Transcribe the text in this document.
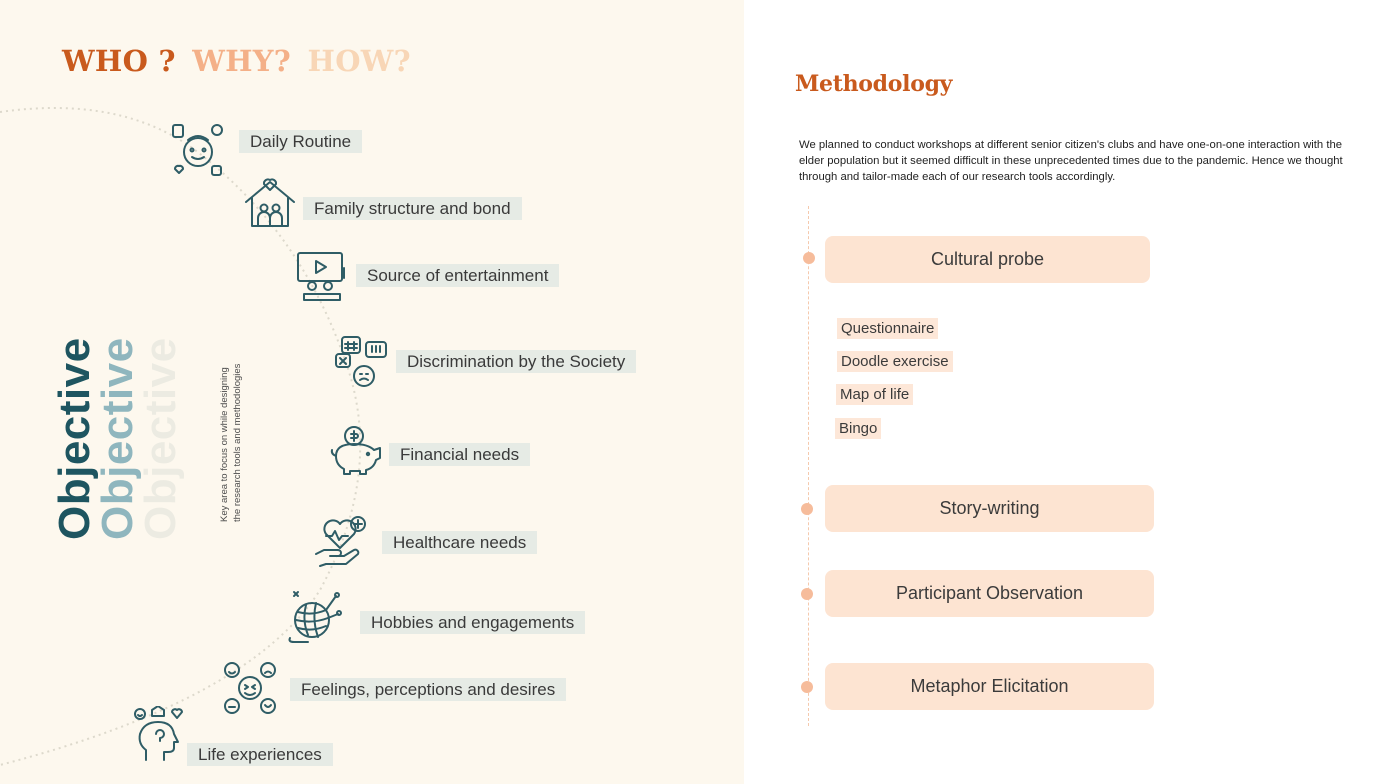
WHO ? WHY? HOW?
Objective
Objective
Objective	Key area to focus on while designing the research tools and methodologies
Daily Routine
Family structure and bond
Source of entertainment
Discrimination by the Society
Financial needs
Healthcare needs
Hobbies and engagements
Feelings, perceptions and desires
Life experiences
Methodology
We planned to conduct workshops at different senior citizen's clubs and have one-on-one interaction with the elder population but it seemed difficult in these unprecedented times due to the pandemic. Hence we thought through and tailor-made each of our research tools accordingly.
Cultural probe
Questionnaire
Doodle exercise
Map of life
Bingo
Story-writing
Participant Observation
Metaphor Elicitation
